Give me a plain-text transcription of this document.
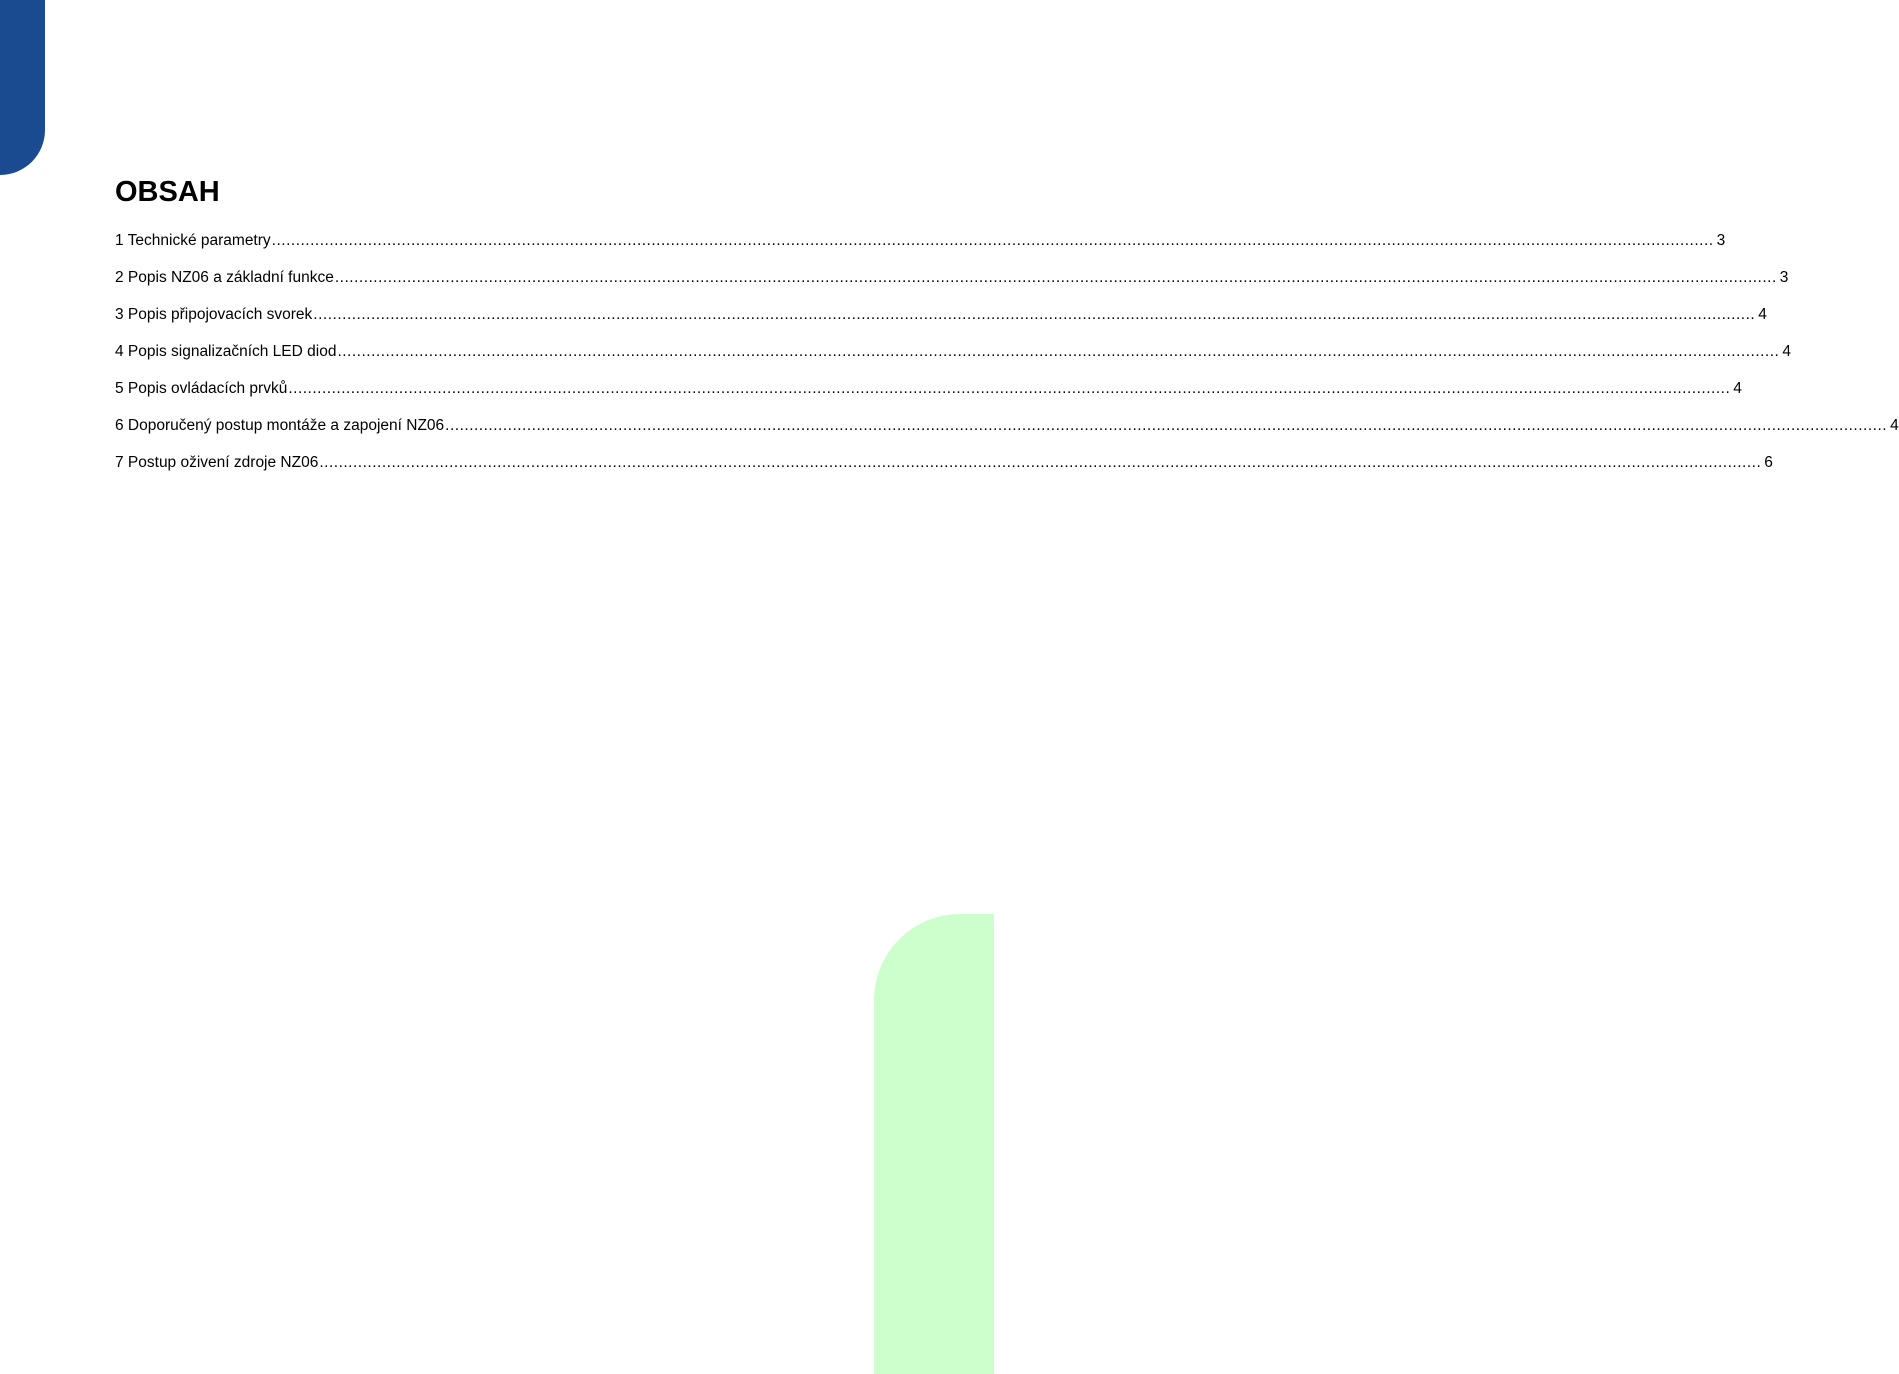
OBSAH
1 Technické parametry ............................................................................................................................................................................................................................................................................................................ 3
2 Popis NZ06 a základní funkce ............................................................................................................................................................................................................................................................................................................ 3
3 Popis připojovacích svorek ............................................................................................................................................................................................................................................................................................................ 4
4 Popis signalizačních LED diod ............................................................................................................................................................................................................................................................................................................ 4
5 Popis ovládacích prvků ............................................................................................................................................................................................................................................................................................................ 4
6 Doporučený postup montáže a zapojení NZ06 ............................................................................................................................................................................................................................................................................................................ 4
7 Postup oživení zdroje NZ06 ............................................................................................................................................................................................................................................................................................................ 6
